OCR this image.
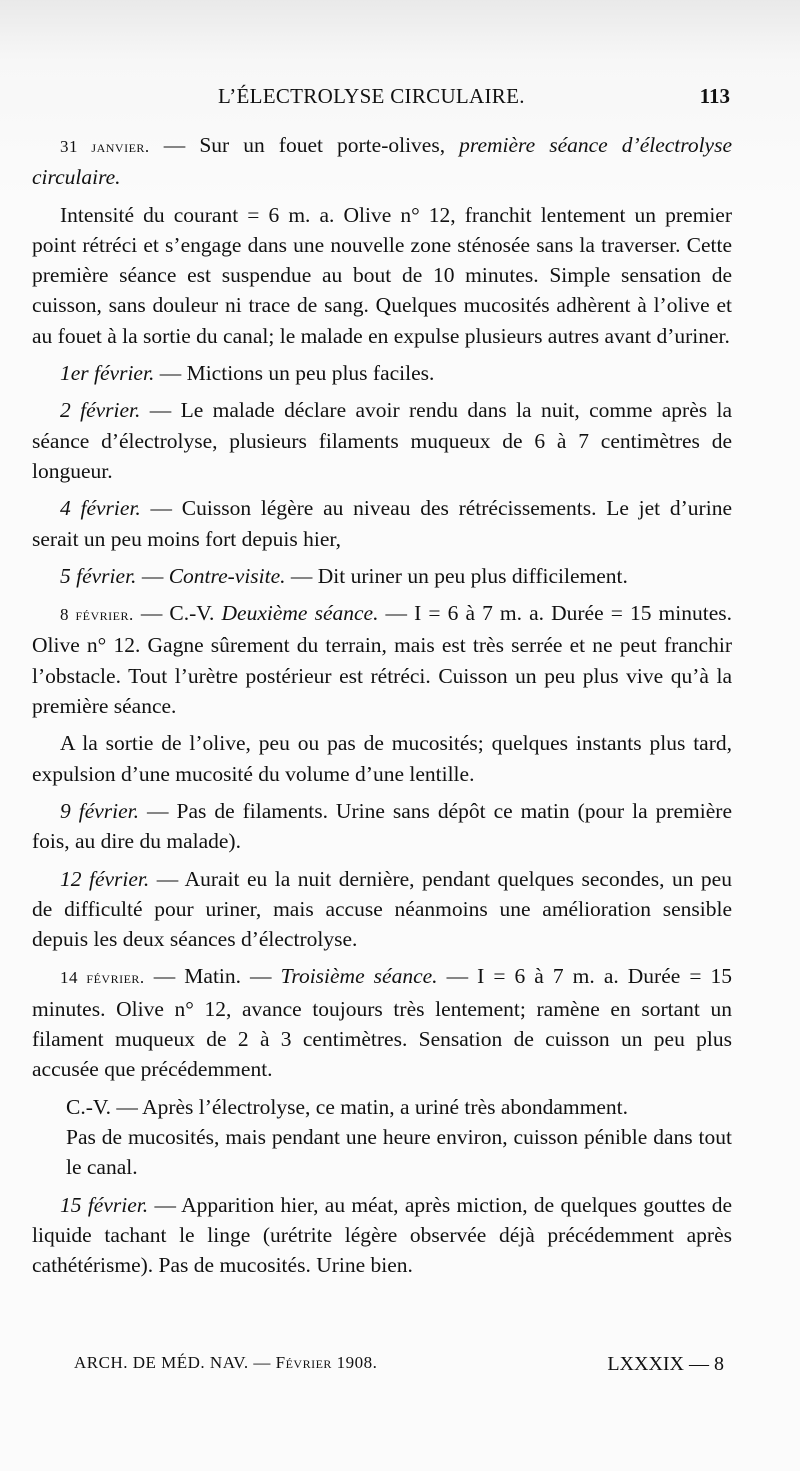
L’ÉLECTROLYSE CIRCULAIRE.	113

31 janvier. — Sur un fouet porte-olives, première séance d’électrolyse circulaire.

Intensité du courant = 6 m. a. Olive n° 12, franchit lentement un premier point rétréci et s’engage dans une nouvelle zone sténosée sans la traverser. Cette première séance est suspendue au bout de 10 minutes. Simple sensation de cuisson, sans douleur ni trace de sang. Quelques mucosités adhèrent à l’olive et au fouet à la sortie du canal; le malade en expulse plusieurs autres avant d’uriner.

1er février. — Mictions un peu plus faciles.

2 février. — Le malade déclare avoir rendu dans la nuit, comme après la séance d’électrolyse, plusieurs filaments muqueux de 6 à 7 centimètres de longueur.

4 février. — Cuisson légère au niveau des rétrécissements. Le jet d’urine serait un peu moins fort depuis hier,

5 février. — Contre-visite. — Dit uriner un peu plus difficilement.

8 février. — C.-V. Deuxième séance. — I = 6 à 7 m. a. Durée = 15 minutes. Olive n° 12. Gagne sûrement du terrain, mais est très serrée et ne peut franchir l’obstacle. Tout l’urètre postérieur est rétréci. Cuisson un peu plus vive qu’à la première séance.

A la sortie de l’olive, peu ou pas de mucosités; quelques instants plus tard, expulsion d’une mucosité du volume d’une lentille.

9 février. — Pas de filaments. Urine sans dépôt ce matin (pour la première fois, au dire du malade).

12 février. — Aurait eu la nuit dernière, pendant quelques secondes, un peu de difficulté pour uriner, mais accuse néanmoins une amélioration sensible depuis les deux séances d’électrolyse.

14 février. — Matin. — Troisième séance. — I = 6 à 7 m. a. Durée = 15 minutes. Olive n° 12, avance toujours très lentement; ramène en sortant un filament muqueux de 2 à 3 centimètres. Sensation de cuisson un peu plus accusée que précédemment.

C.-V. — Après l’électrolyse, ce matin, a uriné très abondamment.

Pas de mucosités, mais pendant une heure environ, cuisson pénible dans tout le canal.

15 février. — Apparition hier, au méat, après miction, de quelques gouttes de liquide tachant le linge (urétrite légère observée déjà précédemment après cathétérisme). Pas de mucosités. Urine bien.

ARCH. DE MÉD. NAV. — Février 1908.	LXXXIX — 8
